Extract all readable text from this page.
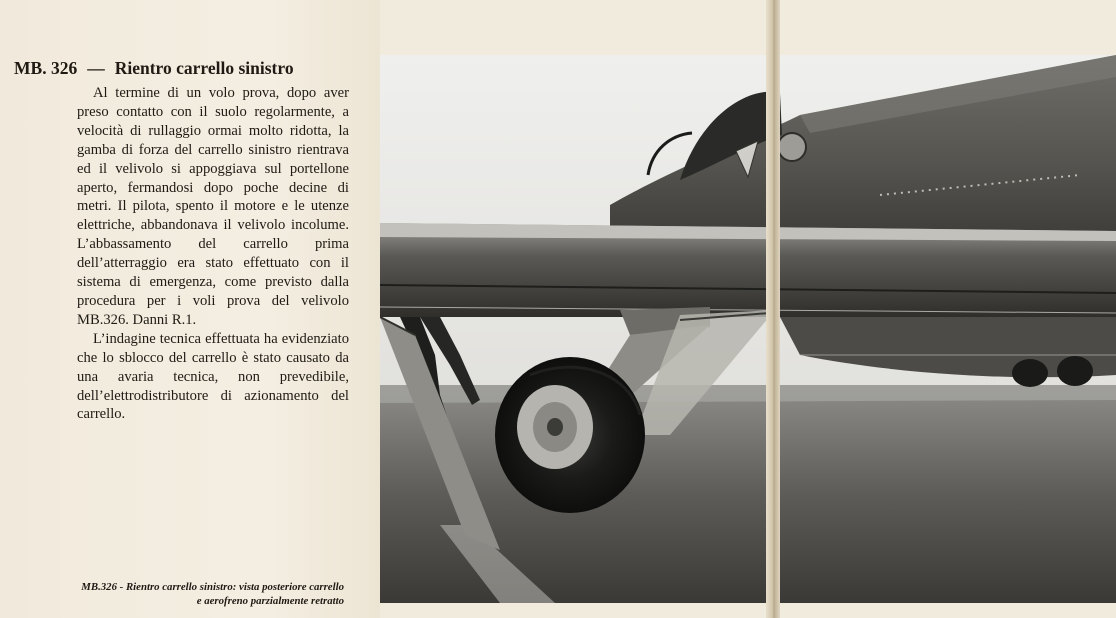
MB. 326 — Rientro carrello sinistro

Al termine di un volo prova, dopo aver preso contatto con il suolo regolarmente, a velocità di rullaggio ormai molto ridotta, la gamba di forza del carrello sinistro rientrava ed il velivolo si appoggiava sul portellone aperto, fermandosi dopo poche decine di metri. Il pilota, spento il motore e le utenze elettriche, abbandonava il velivolo incolume. L’abbassamento del carrello prima dell’atterraggio era stato effettuato con il sistema di emergenza, come previsto dalla procedura per i voli prova del velivolo MB.326. Danni R.1.

L’indagine tecnica effettuata ha evidenziato che lo sblocco del carrello è stato causato da una avaria tecnica, non prevedibile, dell’elettrodistributore di azionamento del carrello.

MB.326 - Rientro carrello sinistro: vista posteriore carrello
e aerofreno parzialmente retratto
